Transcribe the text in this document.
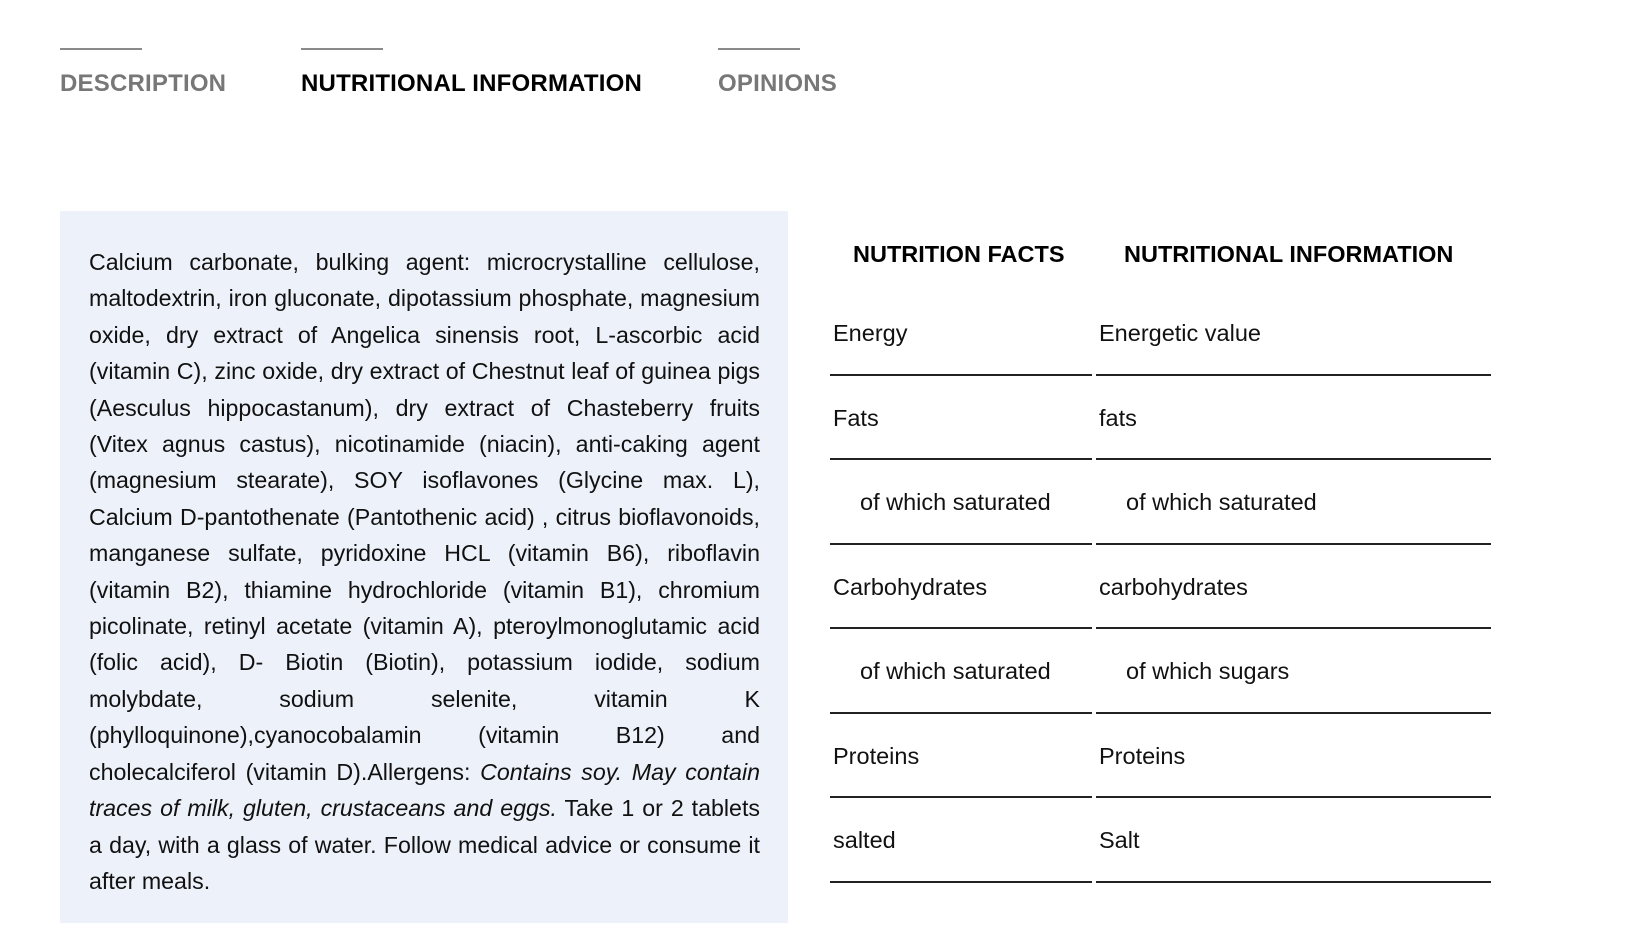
DESCRIPTION	NUTRITIONAL INFORMATION	OPINIONS

Calcium carbonate, bulking agent: microcrystalline cellulose, maltodextrin, iron gluconate, dipotassium phosphate, magnesium oxide, dry extract of Angelica sinensis root, L-ascorbic acid (vitamin C), zinc oxide, dry extract of Chestnut leaf of guinea pigs (Aesculus hippocastanum), dry extract of Chasteberry fruits (Vitex agnus castus), nicotinamide (niacin), anti-caking agent (magnesium stearate), SOY isoflavones (Glycine max. L), Calcium D-pantothenate (Pantothenic acid) , citrus bioflavonoids, manganese sulfate, pyridoxine HCL (vitamin B6), riboflavin (vitamin B2), thiamine hydrochloride (vitamin B1), chromium picolinate, retinyl acetate (vitamin A), pteroylmonoglutamic acid (folic acid), D- Biotin (Biotin), potassium iodide, sodium molybdate, sodium selenite, vitamin K (phylloquinone),cyanocobalamin (vitamin B12) and cholecalciferol (vitamin D).Allergens: Contains soy. May contain traces of milk, gluten, crustaceans and eggs. Take 1 or 2 tablets a day, with a glass of water. Follow medical advice or consume it after meals.

NUTRITION FACTS	NUTRITIONAL INFORMATION
Energy	Energetic value
Fats	fats
of which saturated	of which saturated
Carbohydrates	carbohydrates
of which saturated	of which sugars
Proteins	Proteins
salted	Salt
